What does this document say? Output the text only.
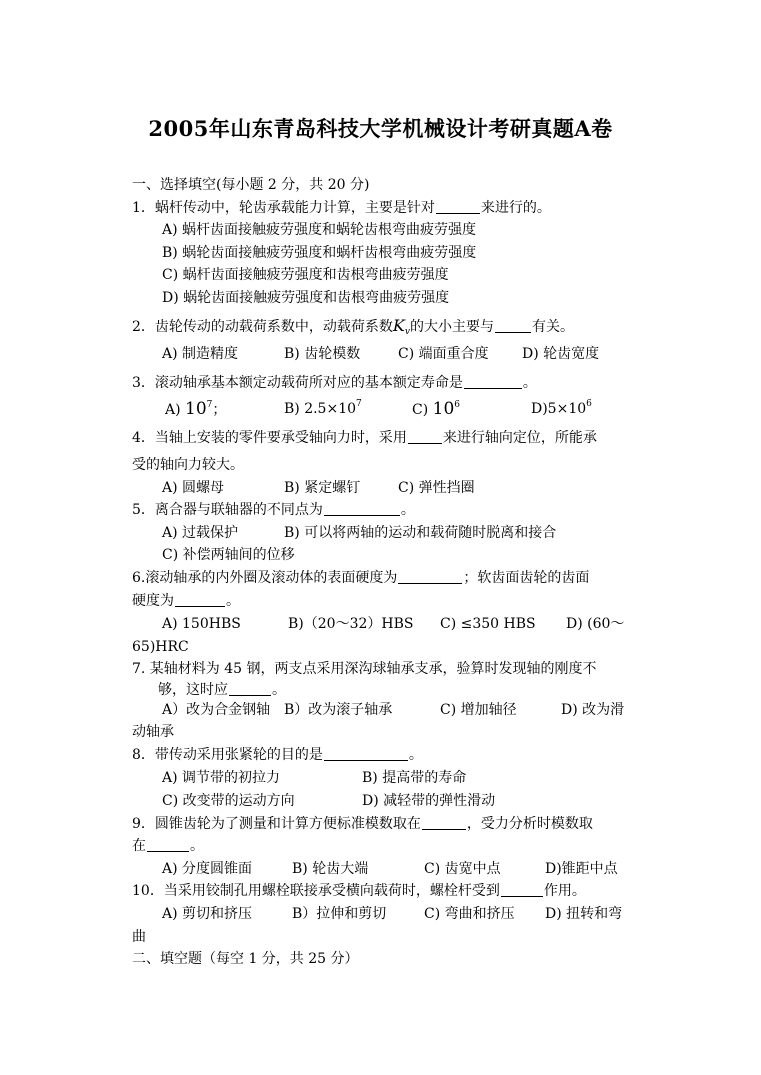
2005年山东青岛科技大学机械设计考研真题A卷
一、选择填空(每小题 2 分，共 20 分)
1．蜗杆传动中，轮齿承载能力计算，主要是针对	来进行的。
A) 蜗杆齿面接触疲劳强度和蜗轮齿根弯曲疲劳强度
B) 蜗轮齿面接触疲劳强度和蜗杆齿根弯曲疲劳强度
C) 蜗杆齿面接触疲劳强度和齿根弯曲疲劳强度
D) 蜗轮齿面接触疲劳强度和齿根弯曲疲劳强度
2．齿轮传动的动载荷系数中，动载荷系数$K_v$的大小主要与	有关。
A) 制造精度	B) 齿轮模数	C) 端面重合度 D) 轮齿宽度
3．滚动轴承基本额定动载荷所对应的基本额定寿命是	。
A) $10^7$；	B) $2.5\times 10^7$	C) $10^6$	$D)5\times 10^6$
4．当轴上安装的零件要承受轴向力时，采用	来进行轴向定位，所能承
受的轴向力较大。
A) 圆螺母	B) 紧定螺钉	C) 弹性挡圈
5．离合器与联轴器的不同点为	。
A) 过载保护	B) 可以将两轴的运动和载荷随时脱离和接合
C) 补偿两轴间的位移
6.滚动轴承的内外圈及滚动体的表面硬度为	；软齿面齿轮的齿面
硬度为	。
A) 150HBS	B)（20～32）HBS C) ≤350 HBS D) (60～
65)HRC
7. 某轴材料为 45 钢，两支点采用深沟球轴承支承，验算时发现轴的刚度不
够，这时应	。
A）改为合金钢轴 B）改为滚子轴承	C) 增加轴径	D) 改为滑
动轴承
8．带传动采用张紧轮的目的是	。
A) 调节带的初拉力	B) 提高带的寿命
C) 改变带的运动方向	D) 减轻带的弹性滑动
9．圆锥齿轮为了测量和计算方便标准模数取在	，受力分析时模数取
在	。
A) 分度圆锥面	B) 轮齿大端	C) 齿宽中点	D)锥距中点
10．当采用铰制孔用螺栓联接承受横向载荷时，螺栓杆受到	作用。
A) 剪切和挤压	B）拉伸和剪切	C) 弯曲和挤压 D) 扭转和弯
曲
二、填空题（每空 1 分，共 25 分）
